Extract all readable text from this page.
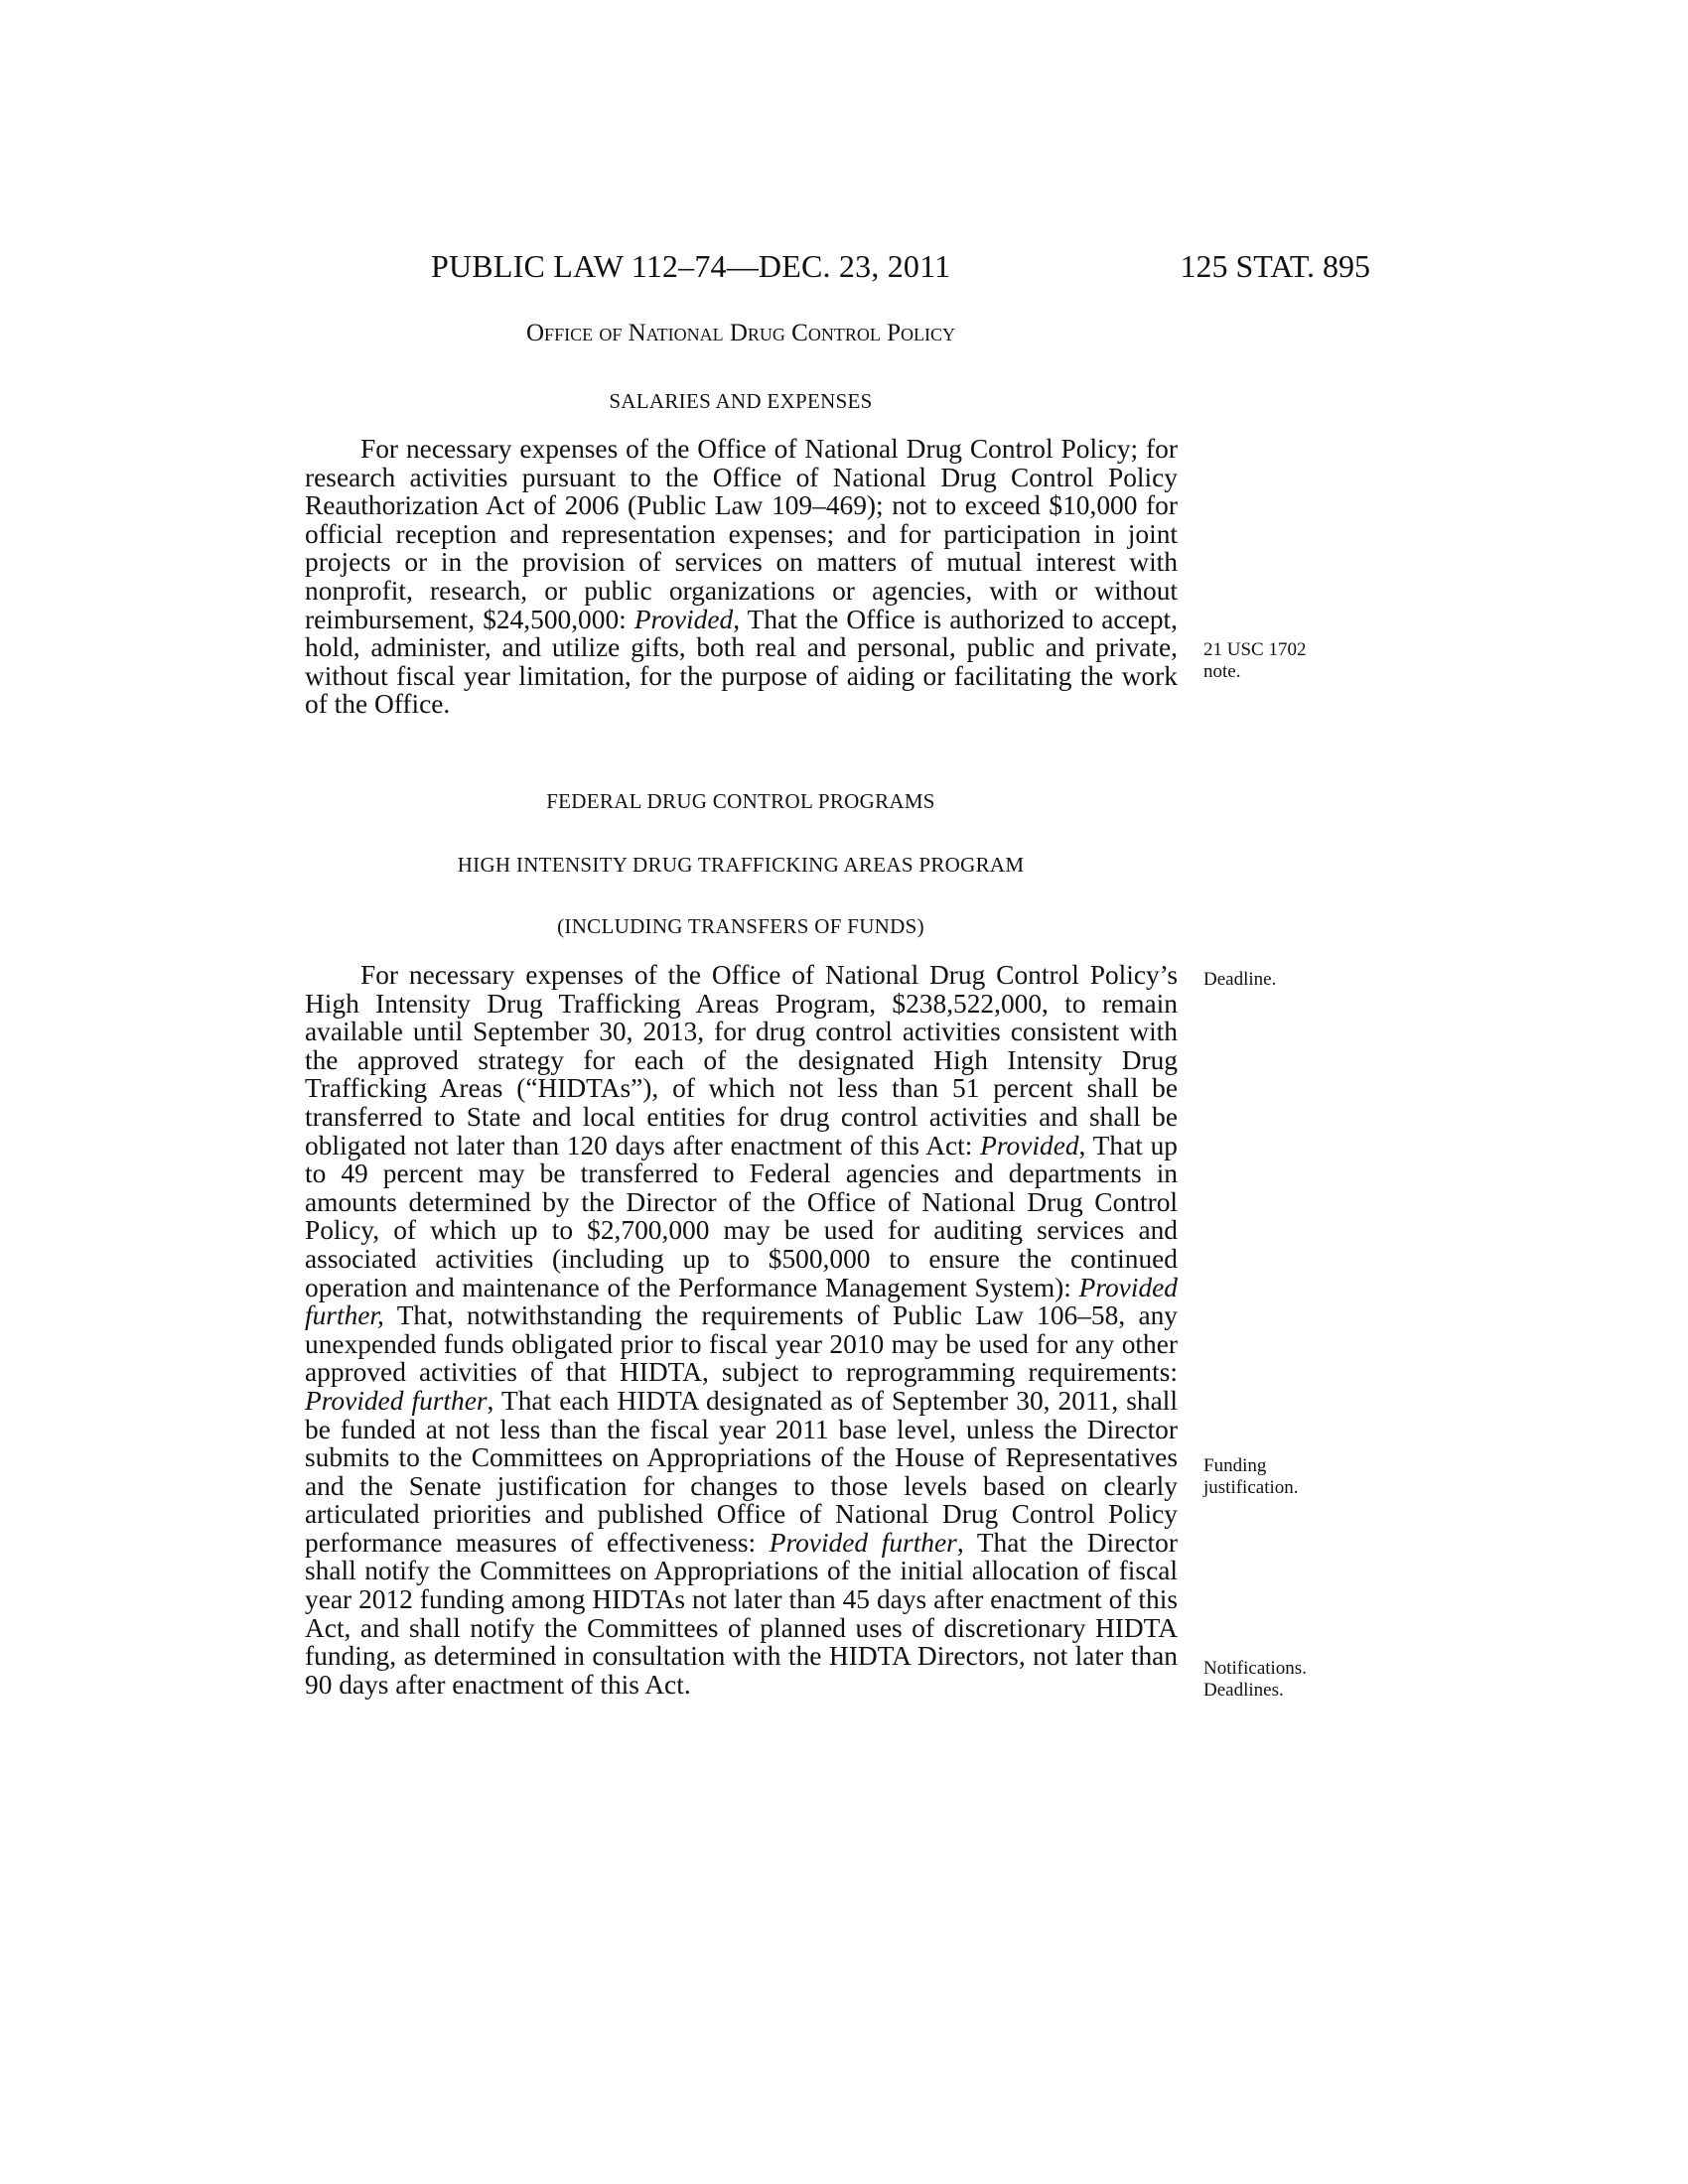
PUBLIC LAW 112–74—DEC. 23, 2011	125 STAT. 895
Office of National Drug Control Policy
SALARIES AND EXPENSES

For necessary expenses of the Office of National Drug Control Policy; for research activities pursuant to the Office of National Drug Control Policy Reauthorization Act of 2006 (Public Law 109–469); not to exceed $10,000 for official reception and representation expenses; and for participation in joint projects or in the provision of services on matters of mutual interest with nonprofit, research, or public organizations or agencies, with or without reimbursement, $24,500,000: Provided, That the Office is authorized to accept, hold, administer, and utilize gifts, both real and personal, public and private, without fiscal year limitation, for the purpose of aiding or facilitating the work of the Office.

21 USC 1702
note.
FEDERAL DRUG CONTROL PROGRAMS
HIGH INTENSITY DRUG TRAFFICKING AREAS PROGRAM
(INCLUDING TRANSFERS OF FUNDS)

For necessary expenses of the Office of National Drug Control Policy’s High Intensity Drug Trafficking Areas Program, $238,522,000, to remain available until September 30, 2013, for drug control activities consistent with the approved strategy for each of the designated High Intensity Drug Trafficking Areas (“HIDTAs”), of which not less than 51 percent shall be transferred to State and local entities for drug control activities and shall be obligated not later than 120 days after enactment of this Act: Provided, That up to 49 percent may be transferred to Federal agencies and departments in amounts determined by the Director of the Office of National Drug Control Policy, of which up to $2,700,000 may be used for auditing services and associated activities (including up to $500,000 to ensure the continued operation and maintenance of the Performance Management System): Provided further, That, notwithstanding the requirements of Public Law 106–58, any unexpended funds obligated prior to fiscal year 2010 may be used for any other approved activities of that HIDTA, subject to reprogramming requirements: Provided further, That each HIDTA designated as of September 30, 2011, shall be funded at not less than the fiscal year 2011 base level, unless the Director submits to the Committees on Appropriations of the House of Representatives and the Senate justification for changes to those levels based on clearly articulated priorities and published Office of National Drug Control Policy performance measures of effectiveness: Provided further, That the Director shall notify the Committees on Appropriations of the initial allocation of fiscal year 2012 funding among HIDTAs not later than 45 days after enactment of this Act, and shall notify the Committees of planned uses of discretionary HIDTA funding, as determined in consultation with the HIDTA Directors, not later than 90 days after enactment of this Act.

Deadline.
Funding
justification.
Notifications.
Deadlines.
